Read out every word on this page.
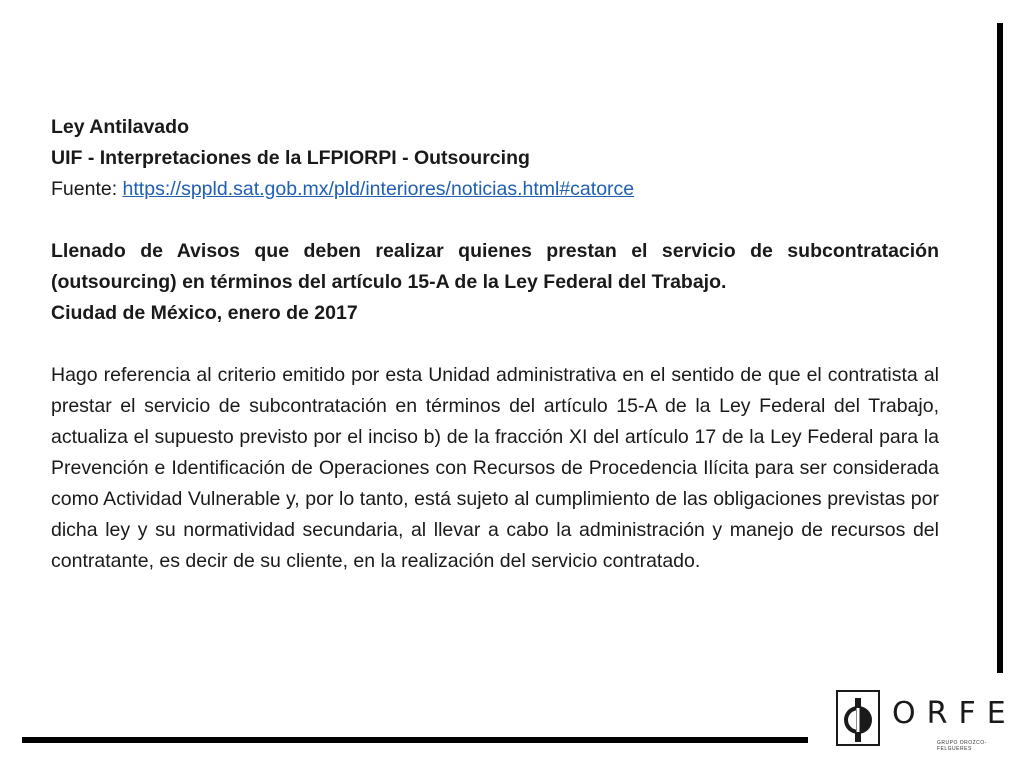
Ley Antilavado

UIF - Interpretaciones de la LFPIORPI - Outsourcing

Fuente: https://sppld.sat.gob.mx/pld/interiores/noticias.html#catorce

Llenado de Avisos que deben realizar quienes prestan el servicio de subcontratación (outsourcing) en términos del artículo 15-A de la Ley Federal del Trabajo.

Ciudad de México, enero de 2017

Hago referencia al criterio emitido por esta Unidad administrativa en el sentido de que el contratista al prestar el servicio de subcontratación en términos del artículo 15-A de la Ley Federal del Trabajo, actualiza el supuesto previsto por el inciso b) de la fracción XI del artículo 17 de la Ley Federal para la Prevención e Identificación de Operaciones con Recursos de Procedencia Ilícita para ser considerada como Actividad Vulnerable y, por lo tanto, está sujeto al cumplimiento de las obligaciones previstas por dicha ley y su normatividad secundaria, al llevar a cabo la administración y manejo de recursos del contratante, es decir de su cliente, en la realización del servicio contratado.

ORFE
GRUPO OROZCO-FELGUERES
